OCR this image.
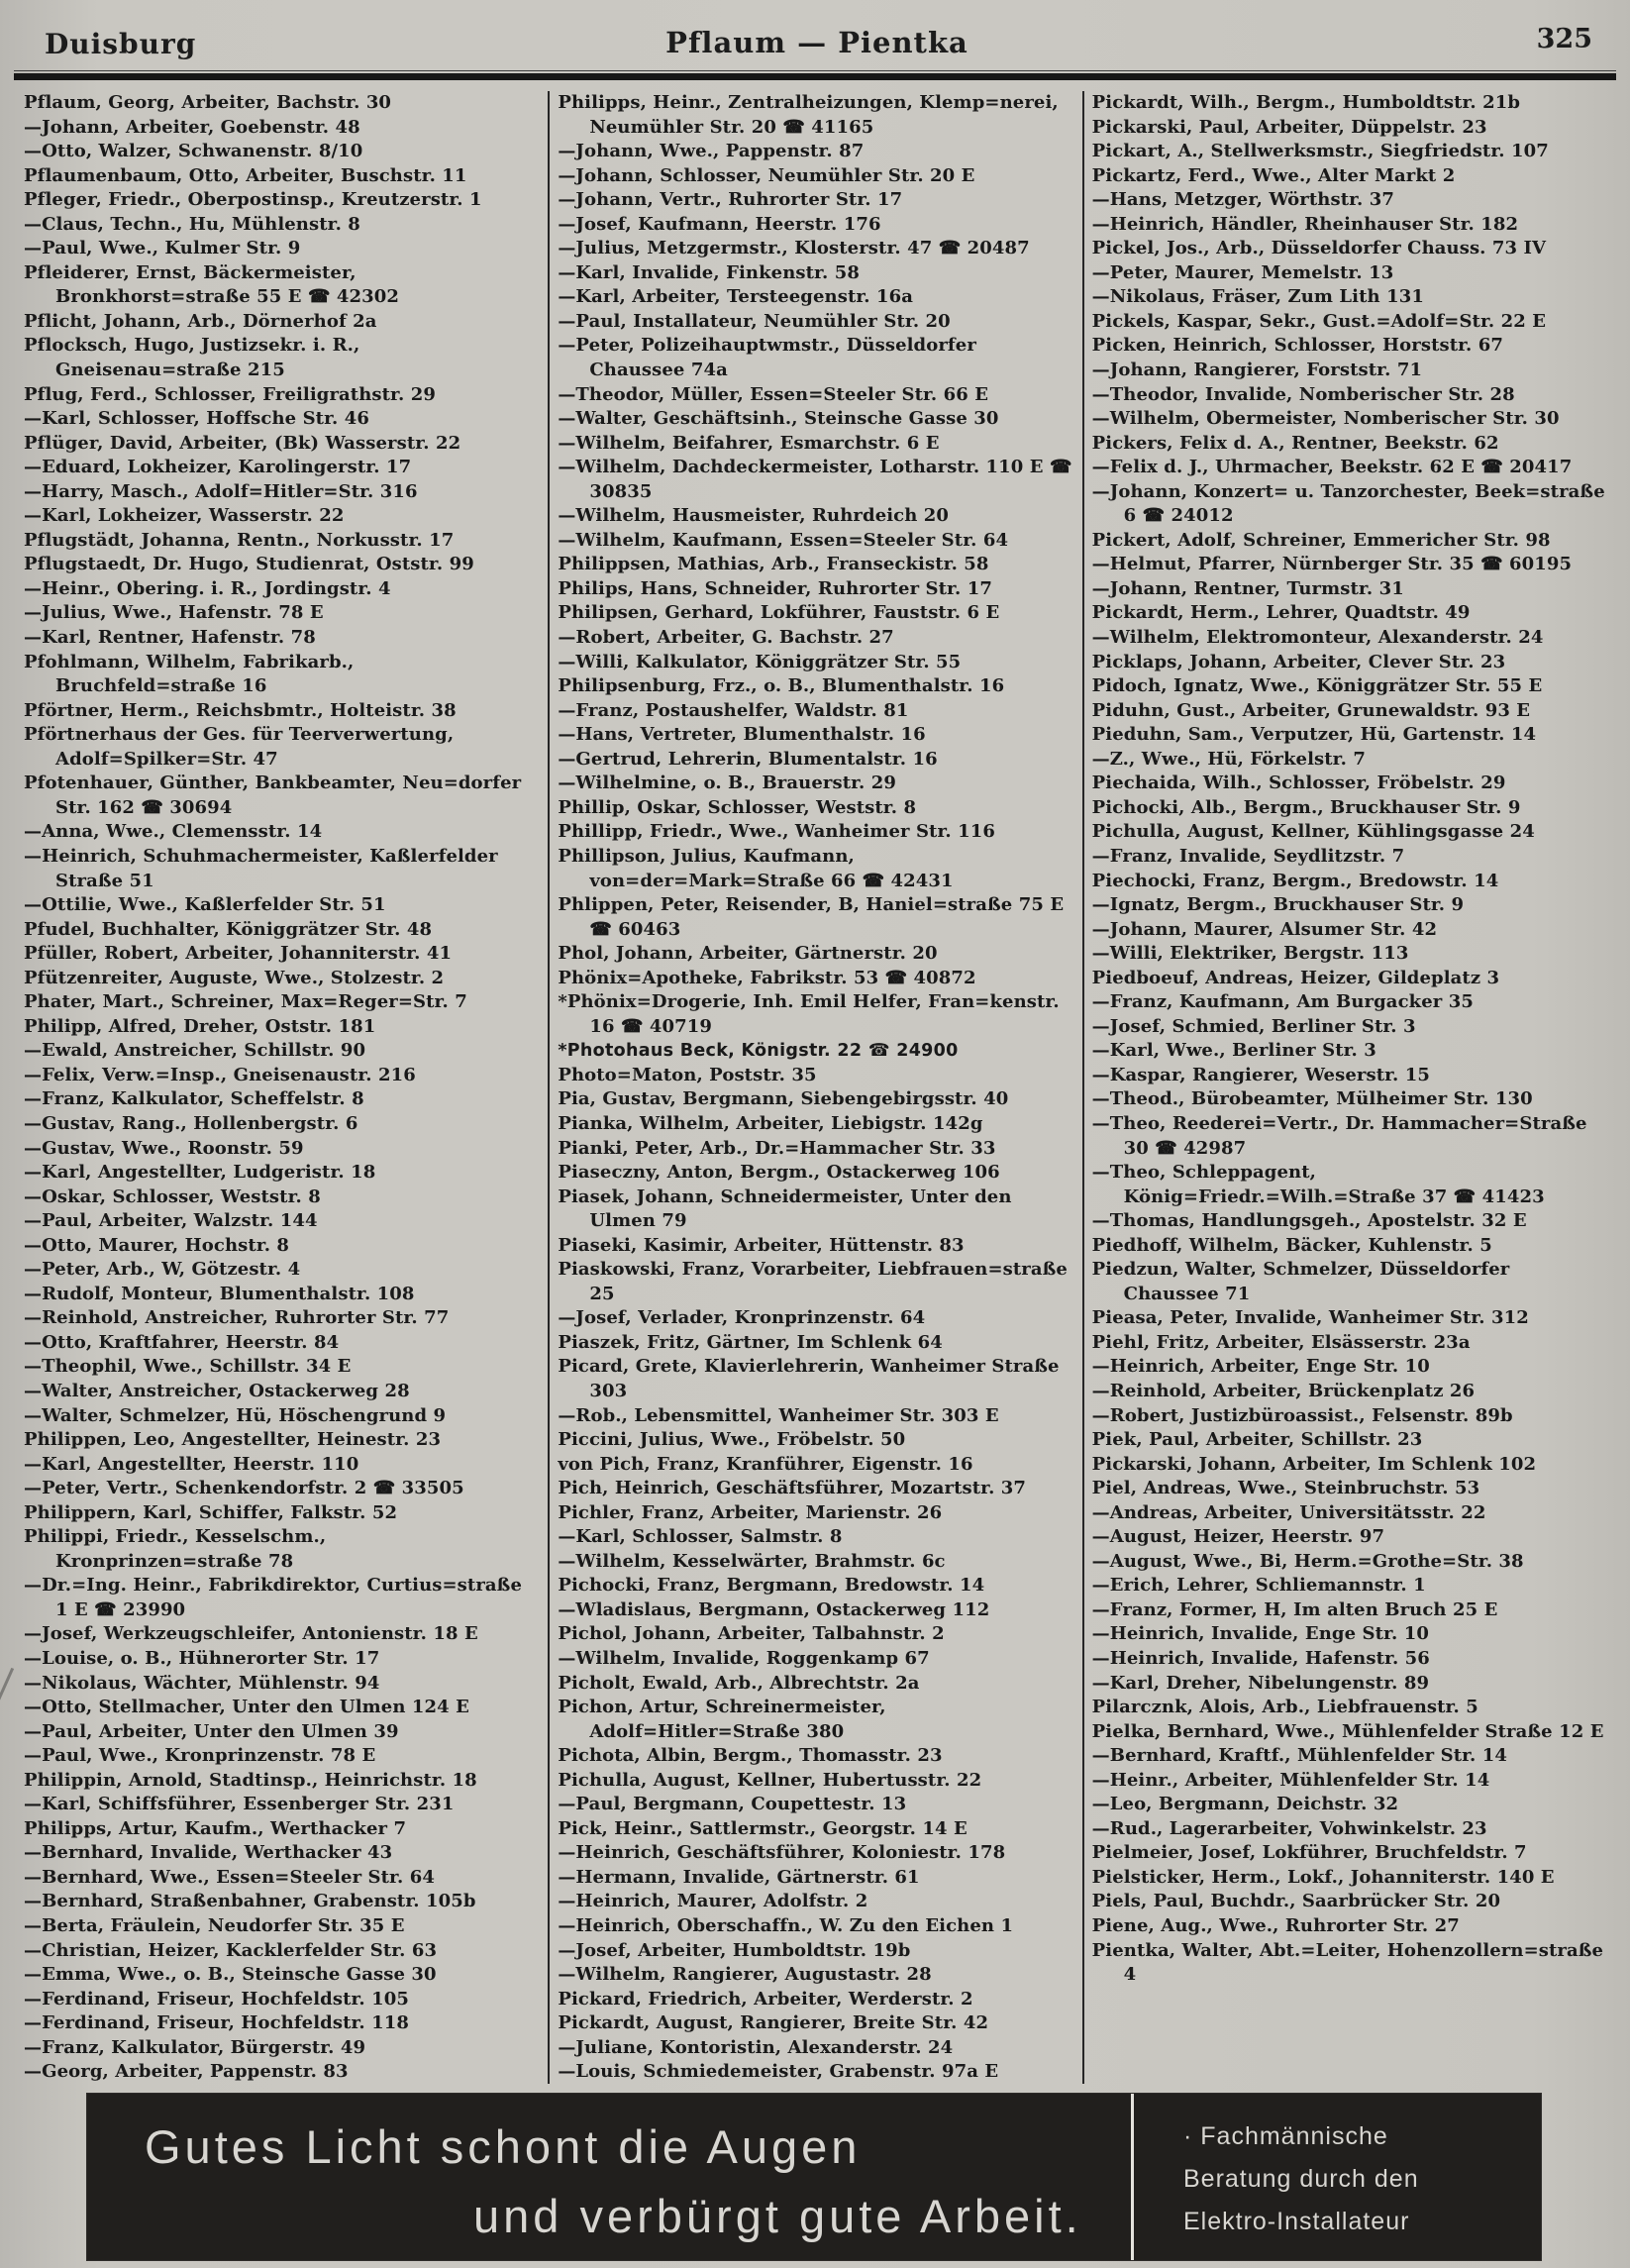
Duisburg	Pflaum — Pientka	325
Pflaum, Georg, Arbeiter, Bachstr. 30
—Johann, Arbeiter, Goebenstr. 48
—Otto, Walzer, Schwanenstr. 8/10
Pflaumenbaum, Otto, Arbeiter, Buschstr. 11
Pfleger, Friedr., Oberpostinsp., Kreutzerstr. 1
—Claus, Techn., Hu, Mühlenstr. 8
—Paul, Wwe., Kulmer Str. 9
Pfleiderer, Ernst, Bäckermeister, Bronkhorst=straße 55 E ☎ 42302
Pflicht, Johann, Arb., Dörnerhof 2a
Pflocksch, Hugo, Justizsekr. i. R., Gneisenau=straße 215
Pflug, Ferd., Schlosser, Freiligrathstr. 29
—Karl, Schlosser, Hoffsche Str. 46
Pflüger, David, Arbeiter, (Bk) Wasserstr. 22
—Eduard, Lokheizer, Karolingerstr. 17
—Harry, Masch., Adolf=Hitler=Str. 316
—Karl, Lokheizer, Wasserstr. 22
Pflugstädt, Johanna, Rentn., Norkusstr. 17
Pflugstaedt, Dr. Hugo, Studienrat, Oststr. 99
—Heinr., Obering. i. R., Jordingstr. 4
—Julius, Wwe., Hafenstr. 78 E
—Karl, Rentner, Hafenstr. 78
Pfohlmann, Wilhelm, Fabrikarb., Bruchfeld=straße 16
Pförtner, Herm., Reichsbmtr., Holteistr. 38
Pförtnerhaus der Ges. für Teerverwertung, Adolf=Spilker=Str. 47
Pfotenhauer, Günther, Bankbeamter, Neu=dorfer Str. 162 ☎ 30694
—Anna, Wwe., Clemensstr. 14
—Heinrich, Schuhmachermeister, Kaßlerfelder Straße 51
—Ottilie, Wwe., Kaßlerfelder Str. 51
Pfudel, Buchhalter, Königgrätzer Str. 48
Pfüller, Robert, Arbeiter, Johanniterstr. 41
Pfützenreiter, Auguste, Wwe., Stolzestr. 2
Phater, Mart., Schreiner, Max=Reger=Str. 7
Philipp, Alfred, Dreher, Oststr. 181
—Ewald, Anstreicher, Schillstr. 90
—Felix, Verw.=Insp., Gneisenaustr. 216
—Franz, Kalkulator, Scheffelstr. 8
—Gustav, Rang., Hollenbergstr. 6
—Gustav, Wwe., Roonstr. 59
—Karl, Angestellter, Ludgeristr. 18
—Oskar, Schlosser, Weststr. 8
—Paul, Arbeiter, Walzstr. 144
—Otto, Maurer, Hochstr. 8
—Peter, Arb., W, Götzestr. 4
—Rudolf, Monteur, Blumenthalstr. 108
—Reinhold, Anstreicher, Ruhrorter Str. 77
—Otto, Kraftfahrer, Heerstr. 84
—Theophil, Wwe., Schillstr. 34 E
—Walter, Anstreicher, Ostackerweg 28
—Walter, Schmelzer, Hü, Höschengrund 9
Philippen, Leo, Angestellter, Heinestr. 23
—Karl, Angestellter, Heerstr. 110
—Peter, Vertr., Schenkendorfstr. 2 ☎ 33505
Philippern, Karl, Schiffer, Falkstr. 52
Philippi, Friedr., Kesselschm., Kronprinzen=straße 78
—Dr.=Ing. Heinr., Fabrikdirektor, Curtius=straße 1 E ☎ 23990
—Josef, Werkzeugschleifer, Antonienstr. 18 E
—Louise, o. B., Hühnerorter Str. 17
—Nikolaus, Wächter, Mühlenstr. 94
—Otto, Stellmacher, Unter den Ulmen 124 E
—Paul, Arbeiter, Unter den Ulmen 39
—Paul, Wwe., Kronprinzenstr. 78 E
Philippin, Arnold, Stadtinsp., Heinrichstr. 18
—Karl, Schiffsführer, Essenberger Str. 231
Philipps, Artur, Kaufm., Werthacker 7
—Bernhard, Invalide, Werthacker 43
—Bernhard, Wwe., Essen=Steeler Str. 64
—Bernhard, Straßenbahner, Grabenstr. 105b
—Berta, Fräulein, Neudorfer Str. 35 E
—Christian, Heizer, Kacklerfelder Str. 63
—Emma, Wwe., o. B., Steinsche Gasse 30
—Ferdinand, Friseur, Hochfeldstr. 105
—Ferdinand, Friseur, Hochfeldstr. 118
—Franz, Kalkulator, Bürgerstr. 49
—Georg, Arbeiter, Pappenstr. 83
Philipps, Heinr., Zentralheizungen, Klemp=nerei, Neumühler Str. 20 ☎ 41165
—Johann, Wwe., Pappenstr. 87
—Johann, Schlosser, Neumühler Str. 20 E
—Johann, Vertr., Ruhrorter Str. 17
—Josef, Kaufmann, Heerstr. 176
—Julius, Metzgermstr., Klosterstr. 47 ☎ 20487
—Karl, Invalide, Finkenstr. 58
—Karl, Arbeiter, Tersteegenstr. 16a
—Paul, Installateur, Neumühler Str. 20
—Peter, Polizeihauptwmstr., Düsseldorfer Chaussee 74a
—Theodor, Müller, Essen=Steeler Str. 66 E
—Walter, Geschäftsinh., Steinsche Gasse 30
—Wilhelm, Beifahrer, Esmarchstr. 6 E
—Wilhelm, Dachdeckermeister, Lotharstr. 110 E ☎ 30835
—Wilhelm, Hausmeister, Ruhrdeich 20
—Wilhelm, Kaufmann, Essen=Steeler Str. 64
Philippsen, Mathias, Arb., Franseckistr. 58
Philips, Hans, Schneider, Ruhrorter Str. 17
Philipsen, Gerhard, Lokführer, Fauststr. 6 E
—Robert, Arbeiter, G. Bachstr. 27
—Willi, Kalkulator, Königgrätzer Str. 55
Philipsenburg, Frz., o. B., Blumenthalstr. 16
—Franz, Postaushelfer, Waldstr. 81
—Hans, Vertreter, Blumenthalstr. 16
—Gertrud, Lehrerin, Blumentalstr. 16
—Wilhelmine, o. B., Brauerstr. 29
Phillip, Oskar, Schlosser, Weststr. 8
Phillipp, Friedr., Wwe., Wanheimer Str. 116
Phillipson, Julius, Kaufmann, von=der=Mark=Straße 66 ☎ 42431
Phlippen, Peter, Reisender, B, Haniel=straße 75 E ☎ 60463
Phol, Johann, Arbeiter, Gärtnerstr. 20
Phönix=Apotheke, Fabrikstr. 53 ☎ 40872
*Phönix=Drogerie, Inh. Emil Helfer, Fran=kenstr. 16 ☎ 40719
*Photohaus Beck, Königstr. 22 ☎ 24900
Photo=Maton, Poststr. 35
Pia, Gustav, Bergmann, Siebengebirgsstr. 40
Pianka, Wilhelm, Arbeiter, Liebigstr. 142g
Pianki, Peter, Arb., Dr.=Hammacher Str. 33
Piaseczny, Anton, Bergm., Ostackerweg 106
Piasek, Johann, Schneidermeister, Unter den Ulmen 79
Piaseki, Kasimir, Arbeiter, Hüttenstr. 83
Piaskowski, Franz, Vorarbeiter, Liebfrauen=straße 25
—Josef, Verlader, Kronprinzenstr. 64
Piaszek, Fritz, Gärtner, Im Schlenk 64
Picard, Grete, Klavierlehrerin, Wanheimer Straße 303
—Rob., Lebensmittel, Wanheimer Str. 303 E
Piccini, Julius, Wwe., Fröbelstr. 50
von Pich, Franz, Kranführer, Eigenstr. 16
Pich, Heinrich, Geschäftsführer, Mozartstr. 37
Pichler, Franz, Arbeiter, Marienstr. 26
—Karl, Schlosser, Salmstr. 8
—Wilhelm, Kesselwärter, Brahmstr. 6c
Pichocki, Franz, Bergmann, Bredowstr. 14
—Wladislaus, Bergmann, Ostackerweg 112
Pichol, Johann, Arbeiter, Talbahnstr. 2
—Wilhelm, Invalide, Roggenkamp 67
Picholt, Ewald, Arb., Albrechtstr. 2a
Pichon, Artur, Schreinermeister, Adolf=Hitler=Straße 380
Pichota, Albin, Bergm., Thomasstr. 23
Pichulla, August, Kellner, Hubertusstr. 22
—Paul, Bergmann, Coupettestr. 13
Pick, Heinr., Sattlermstr., Georgstr. 14 E
—Heinrich, Geschäftsführer, Koloniestr. 178
—Hermann, Invalide, Gärtnerstr. 61
—Heinrich, Maurer, Adolfstr. 2
—Heinrich, Oberschaffn., W. Zu den Eichen 1
—Josef, Arbeiter, Humboldtstr. 19b
—Wilhelm, Rangierer, Augustastr. 28
Pickard, Friedrich, Arbeiter, Werderstr. 2
Pickardt, August, Rangierer, Breite Str. 42
—Juliane, Kontoristin, Alexanderstr. 24
—Louis, Schmiedemeister, Grabenstr. 97a E
Pickardt, Wilh., Bergm., Humboldtstr. 21b
Pickarski, Paul, Arbeiter, Düppelstr. 23
Pickart, A., Stellwerksmstr., Siegfriedstr. 107
Pickartz, Ferd., Wwe., Alter Markt 2
—Hans, Metzger, Wörthstr. 37
—Heinrich, Händler, Rheinhauser Str. 182
Pickel, Jos., Arb., Düsseldorfer Chauss. 73 IV
—Peter, Maurer, Memelstr. 13
—Nikolaus, Fräser, Zum Lith 131
Pickels, Kaspar, Sekr., Gust.=Adolf=Str. 22 E
Picken, Heinrich, Schlosser, Horststr. 67
—Johann, Rangierer, Forststr. 71
—Theodor, Invalide, Nomberischer Str. 28
—Wilhelm, Obermeister, Nomberischer Str. 30
Pickers, Felix d. A., Rentner, Beekstr. 62
—Felix d. J., Uhrmacher, Beekstr. 62 E ☎ 20417
—Johann, Konzert= u. Tanzorchester, Beek=straße 6 ☎ 24012
Pickert, Adolf, Schreiner, Emmericher Str. 98
—Helmut, Pfarrer, Nürnberger Str. 35 ☎ 60195
—Johann, Rentner, Turmstr. 31
Pickardt, Herm., Lehrer, Quadtstr. 49
—Wilhelm, Elektromonteur, Alexanderstr. 24
Picklaps, Johann, Arbeiter, Clever Str. 23
Pidoch, Ignatz, Wwe., Königgrätzer Str. 55 E
Piduhn, Gust., Arbeiter, Grunewaldstr. 93 E
Pieduhn, Sam., Verputzer, Hü, Gartenstr. 14
—Z., Wwe., Hü, Förkelstr. 7
Piechaida, Wilh., Schlosser, Fröbelstr. 29
Pichocki, Alb., Bergm., Bruckhauser Str. 9
Pichulla, August, Kellner, Kühlingsgasse 24
—Franz, Invalide, Seydlitzstr. 7
Piechocki, Franz, Bergm., Bredowstr. 14
—Ignatz, Bergm., Bruckhauser Str. 9
—Johann, Maurer, Alsumer Str. 42
—Willi, Elektriker, Bergstr. 113
Piedboeuf, Andreas, Heizer, Gildeplatz 3
—Franz, Kaufmann, Am Burgacker 35
—Josef, Schmied, Berliner Str. 3
—Karl, Wwe., Berliner Str. 3
—Kaspar, Rangierer, Weserstr. 15
—Theod., Bürobeamter, Mülheimer Str. 130
—Theo, Reederei=Vertr., Dr. Hammacher=Straße 30 ☎ 42987
—Theo, Schleppagent, König=Friedr.=Wilh.=Straße 37 ☎ 41423
—Thomas, Handlungsgeh., Apostelstr. 32 E
Piedhoff, Wilhelm, Bäcker, Kuhlenstr. 5
Piedzun, Walter, Schmelzer, Düsseldorfer Chaussee 71
Pieasa, Peter, Invalide, Wanheimer Str. 312
Piehl, Fritz, Arbeiter, Elsässerstr. 23a
—Heinrich, Arbeiter, Enge Str. 10
—Reinhold, Arbeiter, Brückenplatz 26
—Robert, Justizbüroassist., Felsenstr. 89b
Piek, Paul, Arbeiter, Schillstr. 23
Pickarski, Johann, Arbeiter, Im Schlenk 102
Piel, Andreas, Wwe., Steinbruchstr. 53
—Andreas, Arbeiter, Universitätsstr. 22
—August, Heizer, Heerstr. 97
—August, Wwe., Bi, Herm.=Grothe=Str. 38
—Erich, Lehrer, Schliemannstr. 1
—Franz, Former, H, Im alten Bruch 25 E
—Heinrich, Invalide, Enge Str. 10
—Heinrich, Invalide, Hafenstr. 56
—Karl, Dreher, Nibelungenstr. 89
Pilarcznk, Alois, Arb., Liebfrauenstr. 5
Pielka, Bernhard, Wwe., Mühlenfelder Straße 12 E
—Bernhard, Kraftf., Mühlenfelder Str. 14
—Heinr., Arbeiter, Mühlenfelder Str. 14
—Leo, Bergmann, Deichstr. 32
—Rud., Lagerarbeiter, Vohwinkelstr. 23
Pielmeier, Josef, Lokführer, Bruchfeldstr. 7
Pielsticker, Herm., Lokf., Johanniterstr. 140 E
Piels, Paul, Buchdr., Saarbrücker Str. 20
Piene, Aug., Wwe., Ruhrorter Str. 27
Pientka, Walter, Abt.=Leiter, Hohenzollern=straße 4
Gutes Licht schont die Augen
und verbürgt gute Arbeit.
· Fachmännische
Beratung durch den
Elektro-Installateur
